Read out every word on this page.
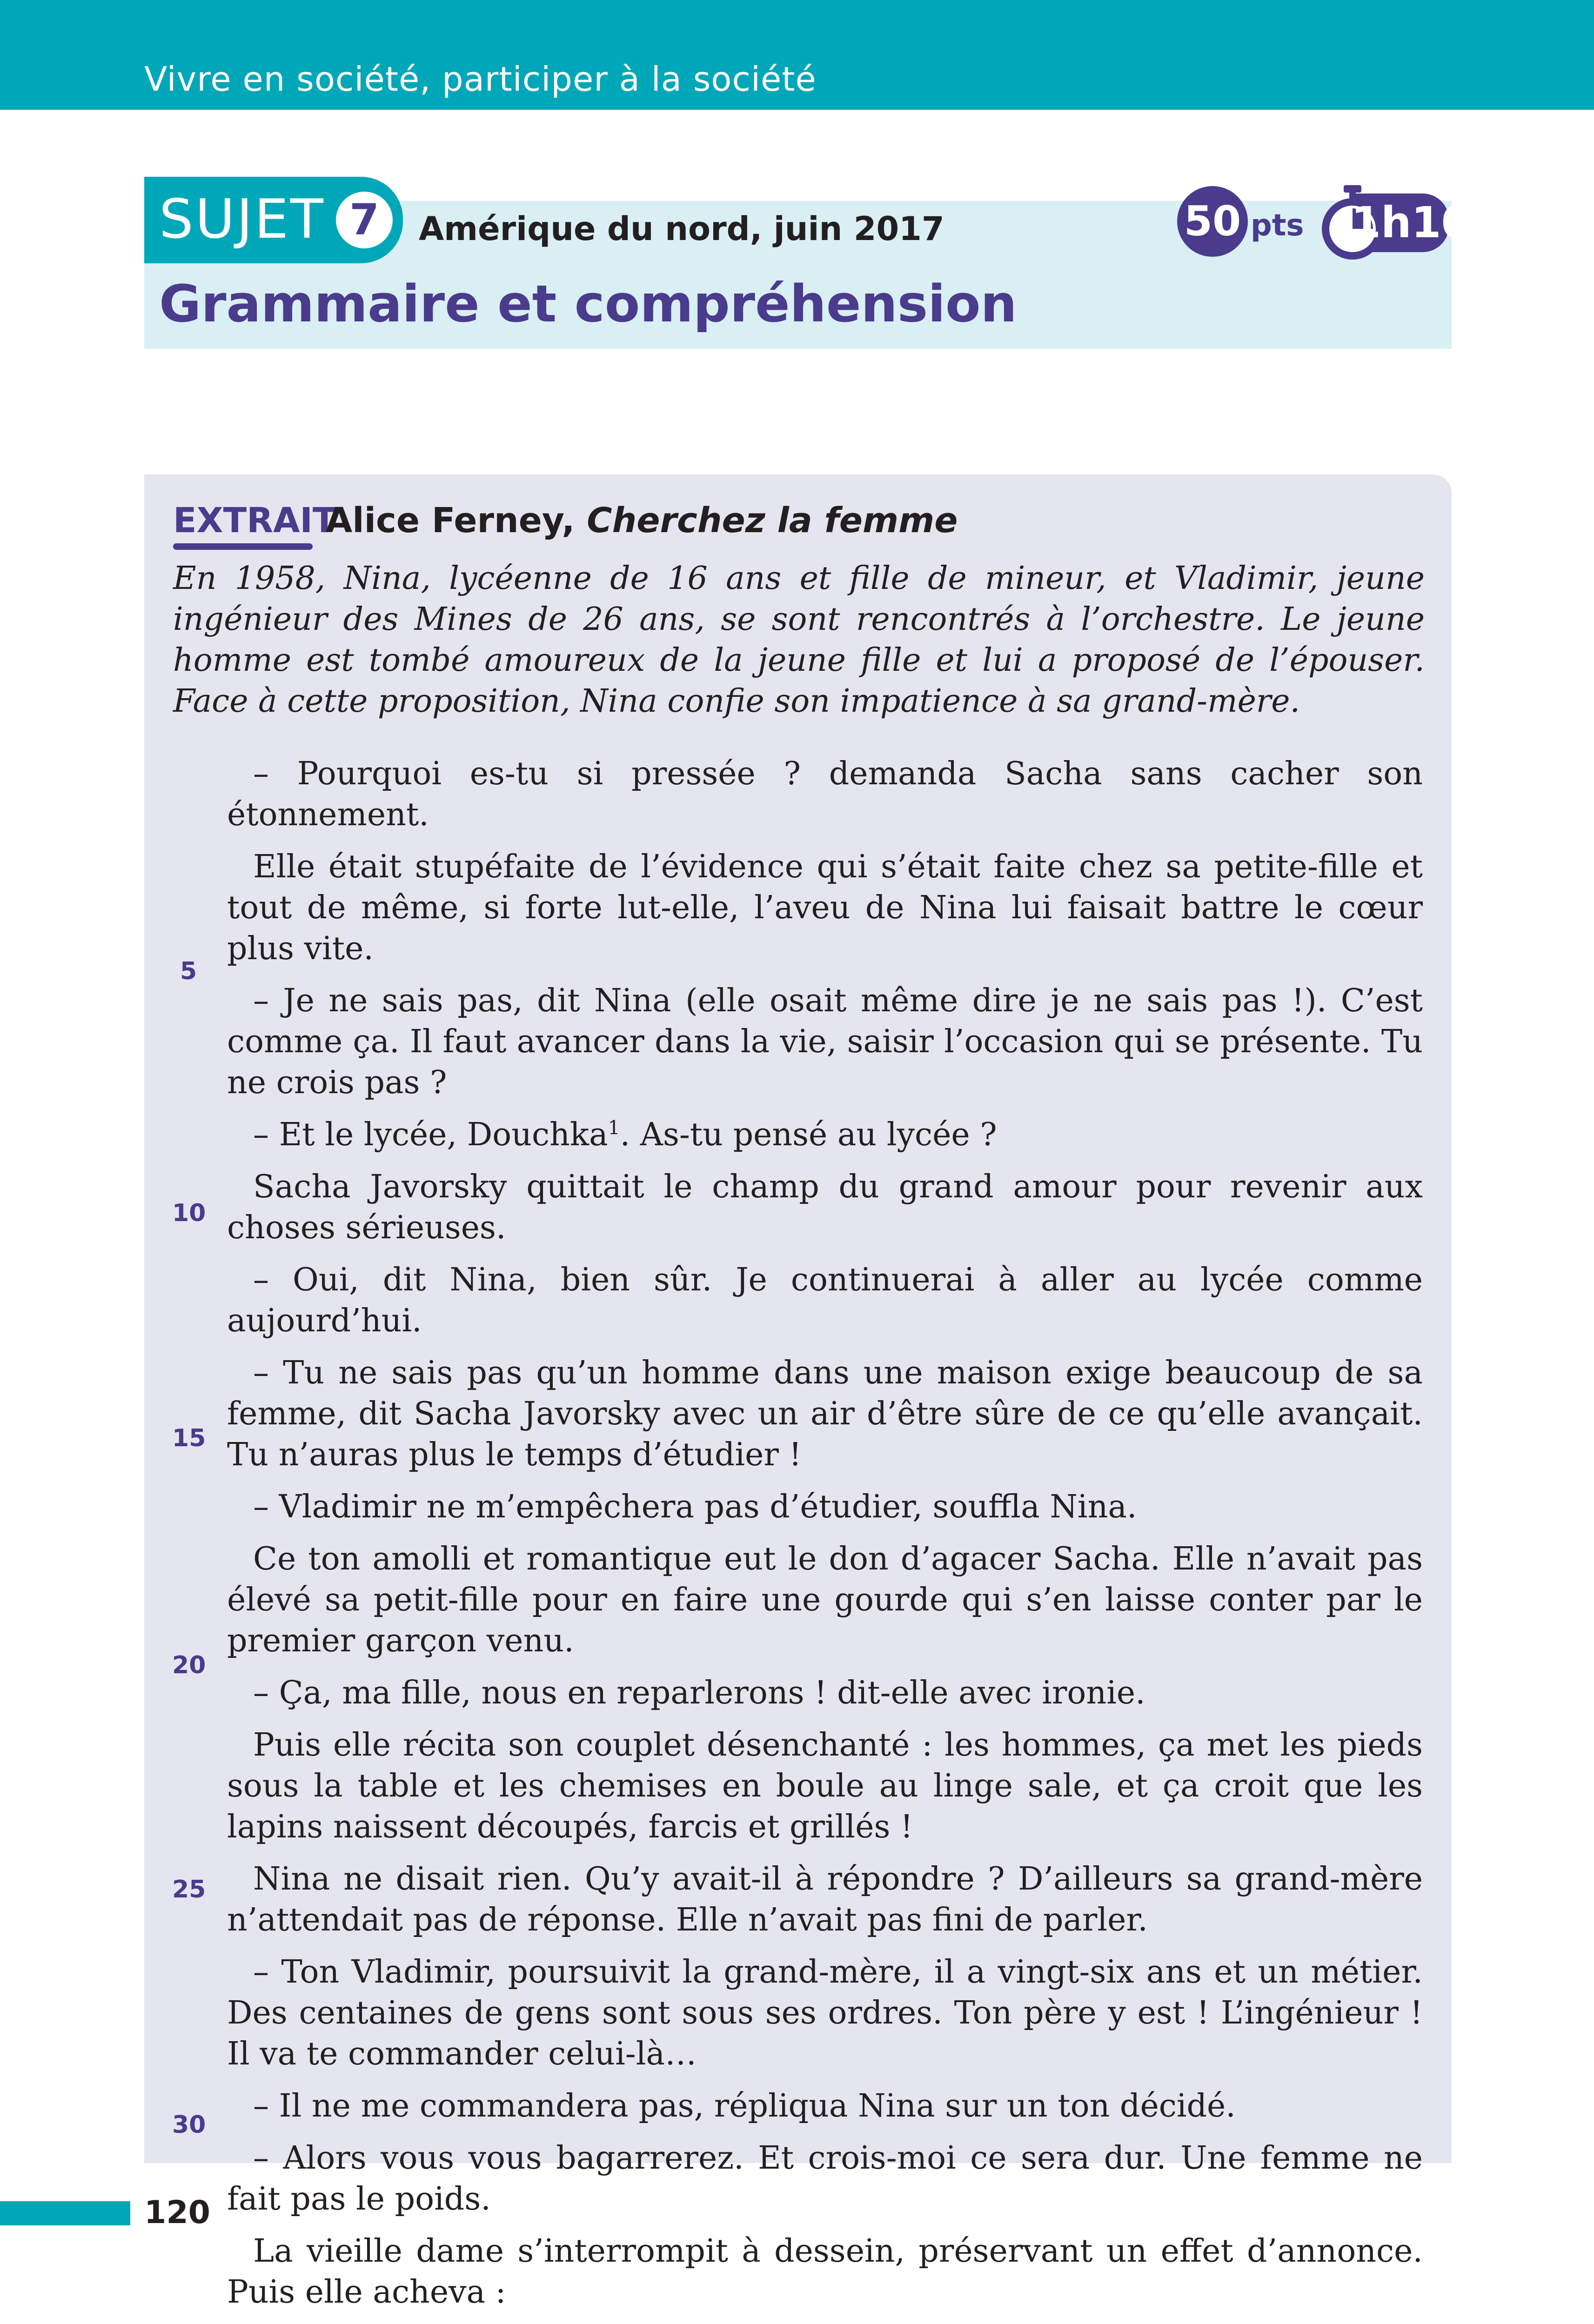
Vivre en société, participer à la société
SUJET 7	Amérique du nord, juin 2017	50 pts 1h10
Grammaire et compréhension
EXTRAIT
Alice Ferney, Cherchez la femme
En 1958, Nina, lycéenne de 16 ans et fille de mineur, et Vladimir, jeune ingénieur des Mines de 26 ans, se sont rencontrés à l’orchestre. Le jeune homme est tombé amoureux de la jeune fille et lui a proposé de l’épouser. Face à cette proposition, Nina confie son impatience à sa grand-mère.

– Pourquoi es-tu si pressée ? demanda Sacha sans cacher son étonnement.

Elle était stupéfaite de l’évidence qui s’était faite chez sa petite-fille et tout de même, si forte lut-elle, l’aveu de Nina lui faisait battre le cœur plus vite.

– Je ne sais pas, dit Nina (elle osait même dire je ne sais pas !). C’est comme ça. Il faut avancer dans la vie, saisir l’occasion qui se présente. Tu ne crois pas ?

– Et le lycée, Douchka$^1$. As-tu pensé au lycée ?

Sacha Javorsky quittait le champ du grand amour pour revenir aux choses sérieuses.

– Oui, dit Nina, bien sûr. Je continuerai à aller au lycée comme aujourd’hui.

– Tu ne sais pas qu’un homme dans une maison exige beaucoup de sa femme, dit Sacha Javorsky avec un air d’être sûre de ce qu’elle avançait. Tu n’auras plus le temps d’étudier !

– Vladimir ne m’empêchera pas d’étudier, souffla Nina.

Ce ton amolli et romantique eut le don d’agacer Sacha. Elle n’avait pas élevé sa petit-fille pour en faire une gourde qui s’en laisse conter par le premier garçon venu.

– Ça, ma fille, nous en reparlerons ! dit-elle avec ironie.

Puis elle récita son couplet désenchanté : les hommes, ça met les pieds sous la table et les chemises en boule au linge sale, et ça croit que les lapins naissent découpés, farcis et grillés !

Nina ne disait rien. Qu’y avait-il à répondre ? D’ailleurs sa grand-mère n’attendait pas de réponse. Elle n’avait pas fini de parler.

– Ton Vladimir, poursuivit la grand-mère, il a vingt-six ans et un métier. Des centaines de gens sont sous ses ordres. Ton père y est ! L’ingénieur ! Il va te commander celui-là…

– Il ne me commandera pas, répliqua Nina sur un ton décidé.

– Alors vous vous bagarrerez. Et crois-moi ce sera dur. Une femme ne fait pas le poids.

La vieille dame s’interrompit à dessein, préservant un effet d’annonce. Puis elle acheva :

5
10
15
20
25
30
120
